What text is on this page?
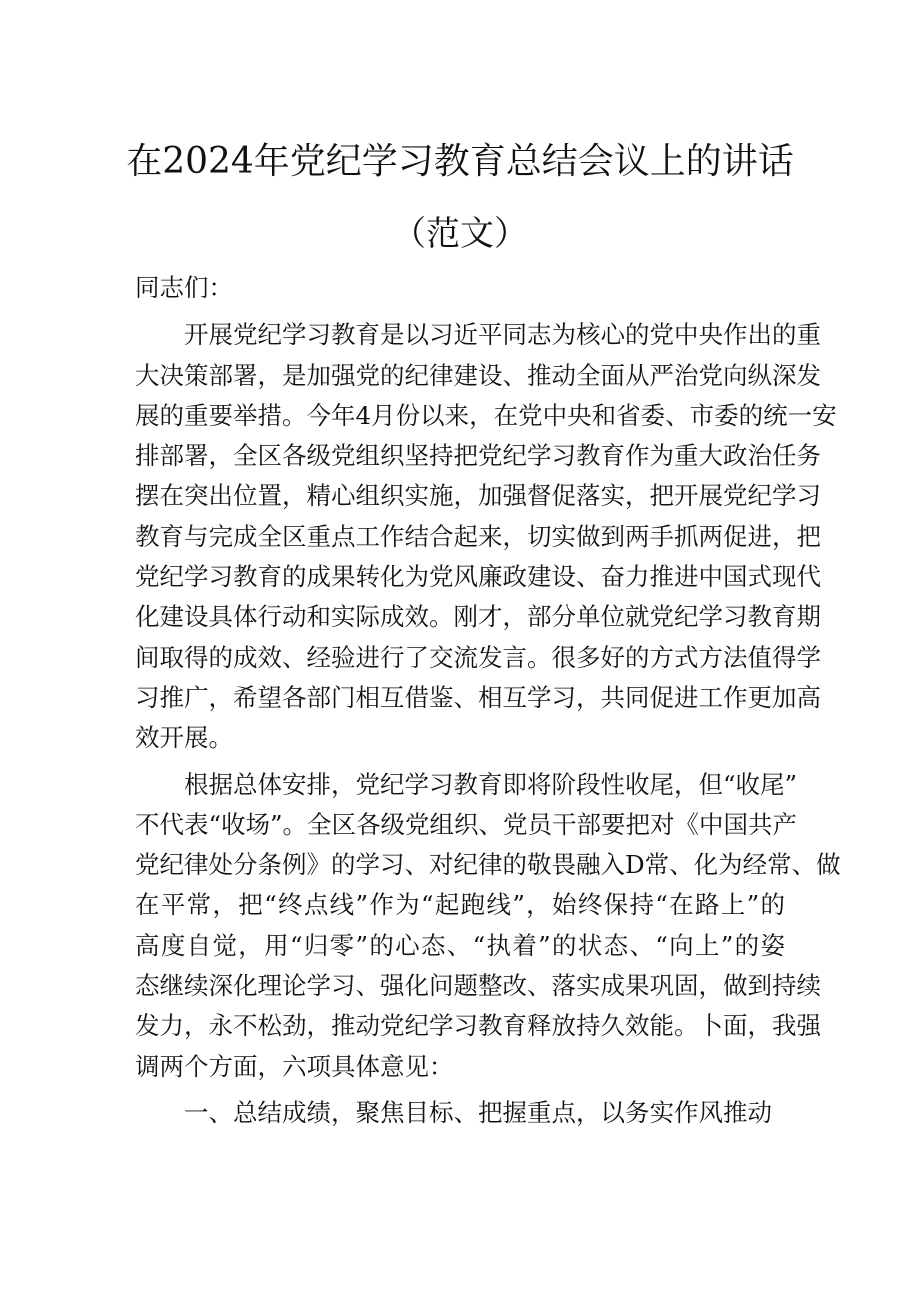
在2024年党纪学习教育总结会议上的讲话
（范文）

同志们：

开展党纪学习教育是以习近平同志为核心的党中央作出的重
大决策部署，是加强党的纪律建设、推动全面从严治党向纵深发
展的重要举措。今年4月份以来，在党中央和省委、市委的统一安
排部署，全区各级党组织坚持把党纪学习教育作为重大政治任务
摆在突出位置，精心组织实施，加强督促落实，把开展党纪学习
教育与完成全区重点工作结合起来，切实做到两手抓两促进，把
党纪学习教育的成果转化为党风廉政建设、奋力推进中国式现代
化建设具体行动和实际成效。刚才，部分单位就党纪学习教育期
间取得的成效、经验进行了交流发言。很多好的方式方法值得学
习推广，希望各部门相互借鉴、相互学习，共同促进工作更加高
效开展。
根据总体安排，党纪学习教育即将阶段性收尾，但“收尾”
不代表“收场”。全区各级党组织、党员干部要把对《中国共产
党纪律处分条例》的学习、对纪律的敬畏融入D常、化为经常、做
在平常，把“终点线”作为“起跑线”，始终保持“在路上”的
高度自觉，用“归零”的心态、“执着”的状态、“向上”的姿
态继续深化理论学习、强化问题整改、落实成果巩固，做到持续
发力，永不松劲，推动党纪学习教育释放持久效能。卜面，我强
调两个方面，六项具体意见：

一、总结成绩，聚焦目标、把握重点，以务实作风推动
